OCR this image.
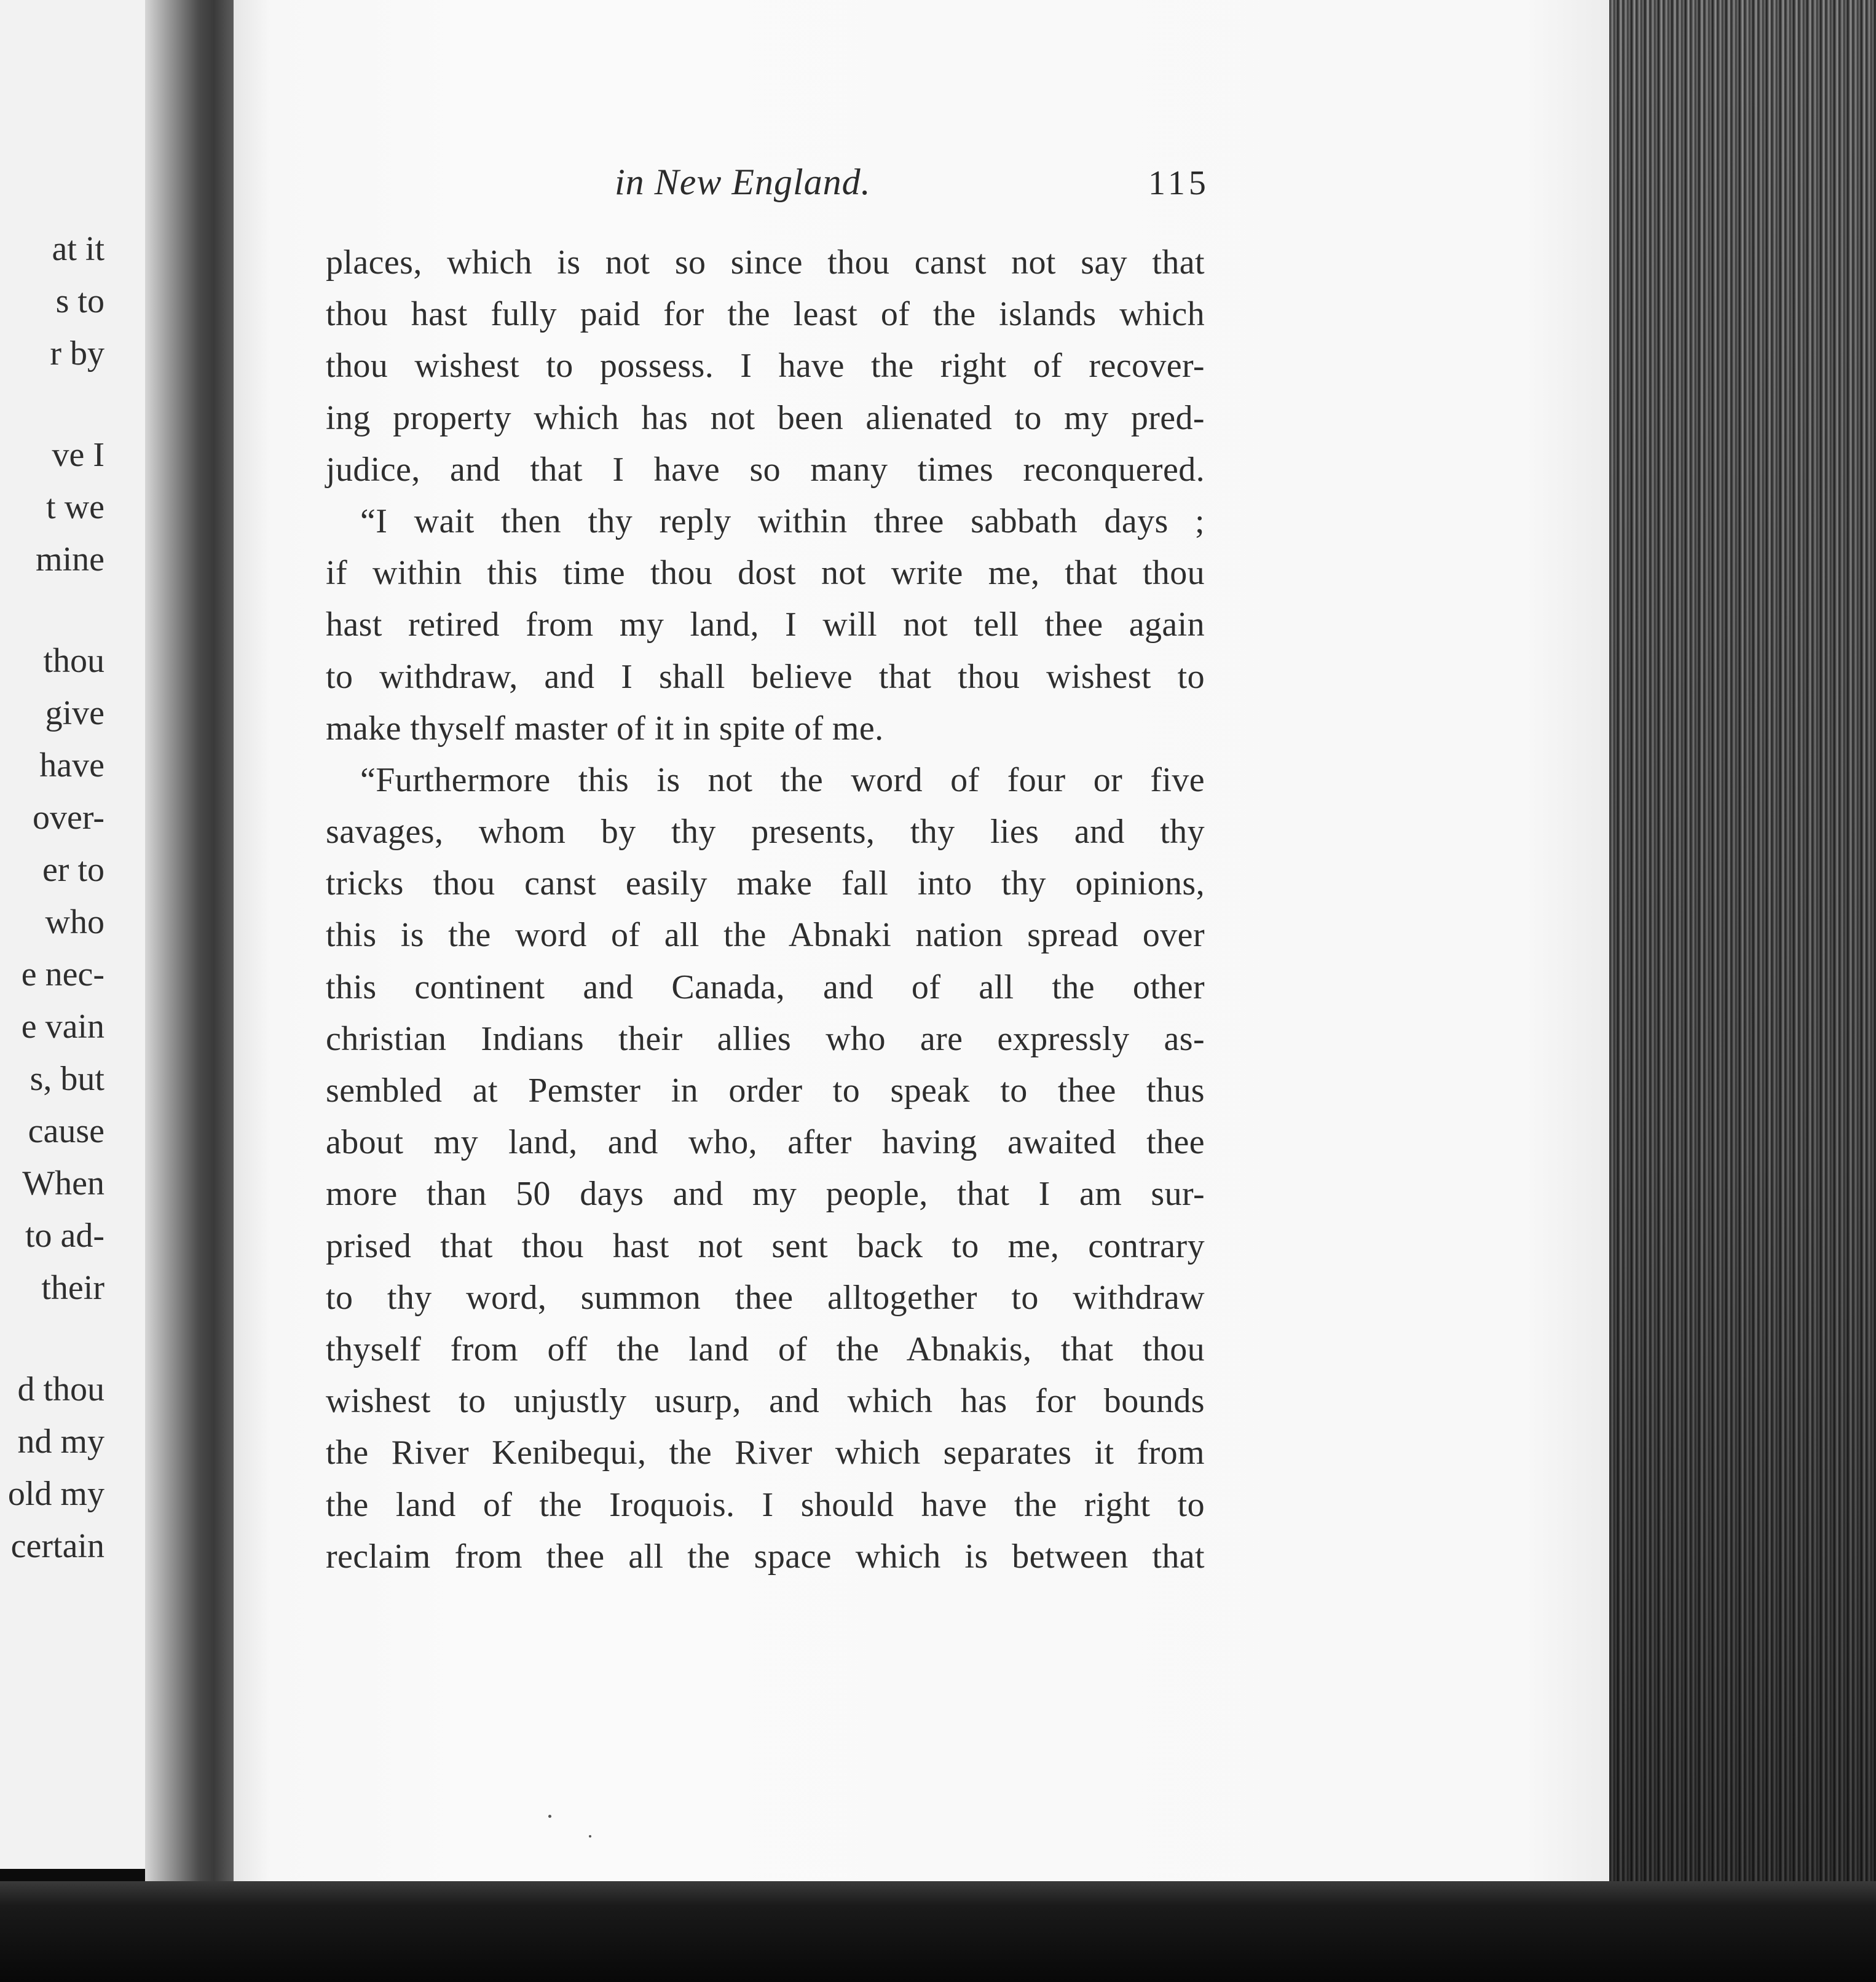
at it
s to
r by
ve I
t we
mine
thou
give
have
over-
er to
who
e nec-
e vain
s, but
cause
When
to ad-
their
d thou
nd my
old my
certain
in New England.	115
places, which is not so since thou canst not say that
thou hast fully paid for the least of the islands which
thou wishest to possess. I have the right of recover-
ing property which has not been alienated to my pred-
judice, and that I have so many times reconquered.
“I wait then thy reply within three sabbath days ;
if within this time thou dost not write me, that thou
hast retired from my land, I will not tell thee again
to withdraw, and I shall believe that thou wishest to
make thyself master of it in spite of me.
“Furthermore this is not the word of four or five
savages, whom by thy presents, thy lies and thy
tricks thou canst easily make fall into thy opinions,
this is the word of all the Abnaki nation spread over
this continent and Canada, and of all the other
christian Indians their allies who are expressly as-
sembled at Pemster in order to speak to thee thus
about my land, and who, after having awaited thee
more than 50 days and my people, that I am sur-
prised that thou hast not sent back to me, contrary
to thy word, summon thee alltogether to withdraw
thyself from off the land of the Abnakis, that thou
wishest to unjustly usurp, and which has for bounds
the River Kenibequi, the River which separates it from
the land of the Iroquois. I should have the right to
reclaim from thee all the space which is between that
